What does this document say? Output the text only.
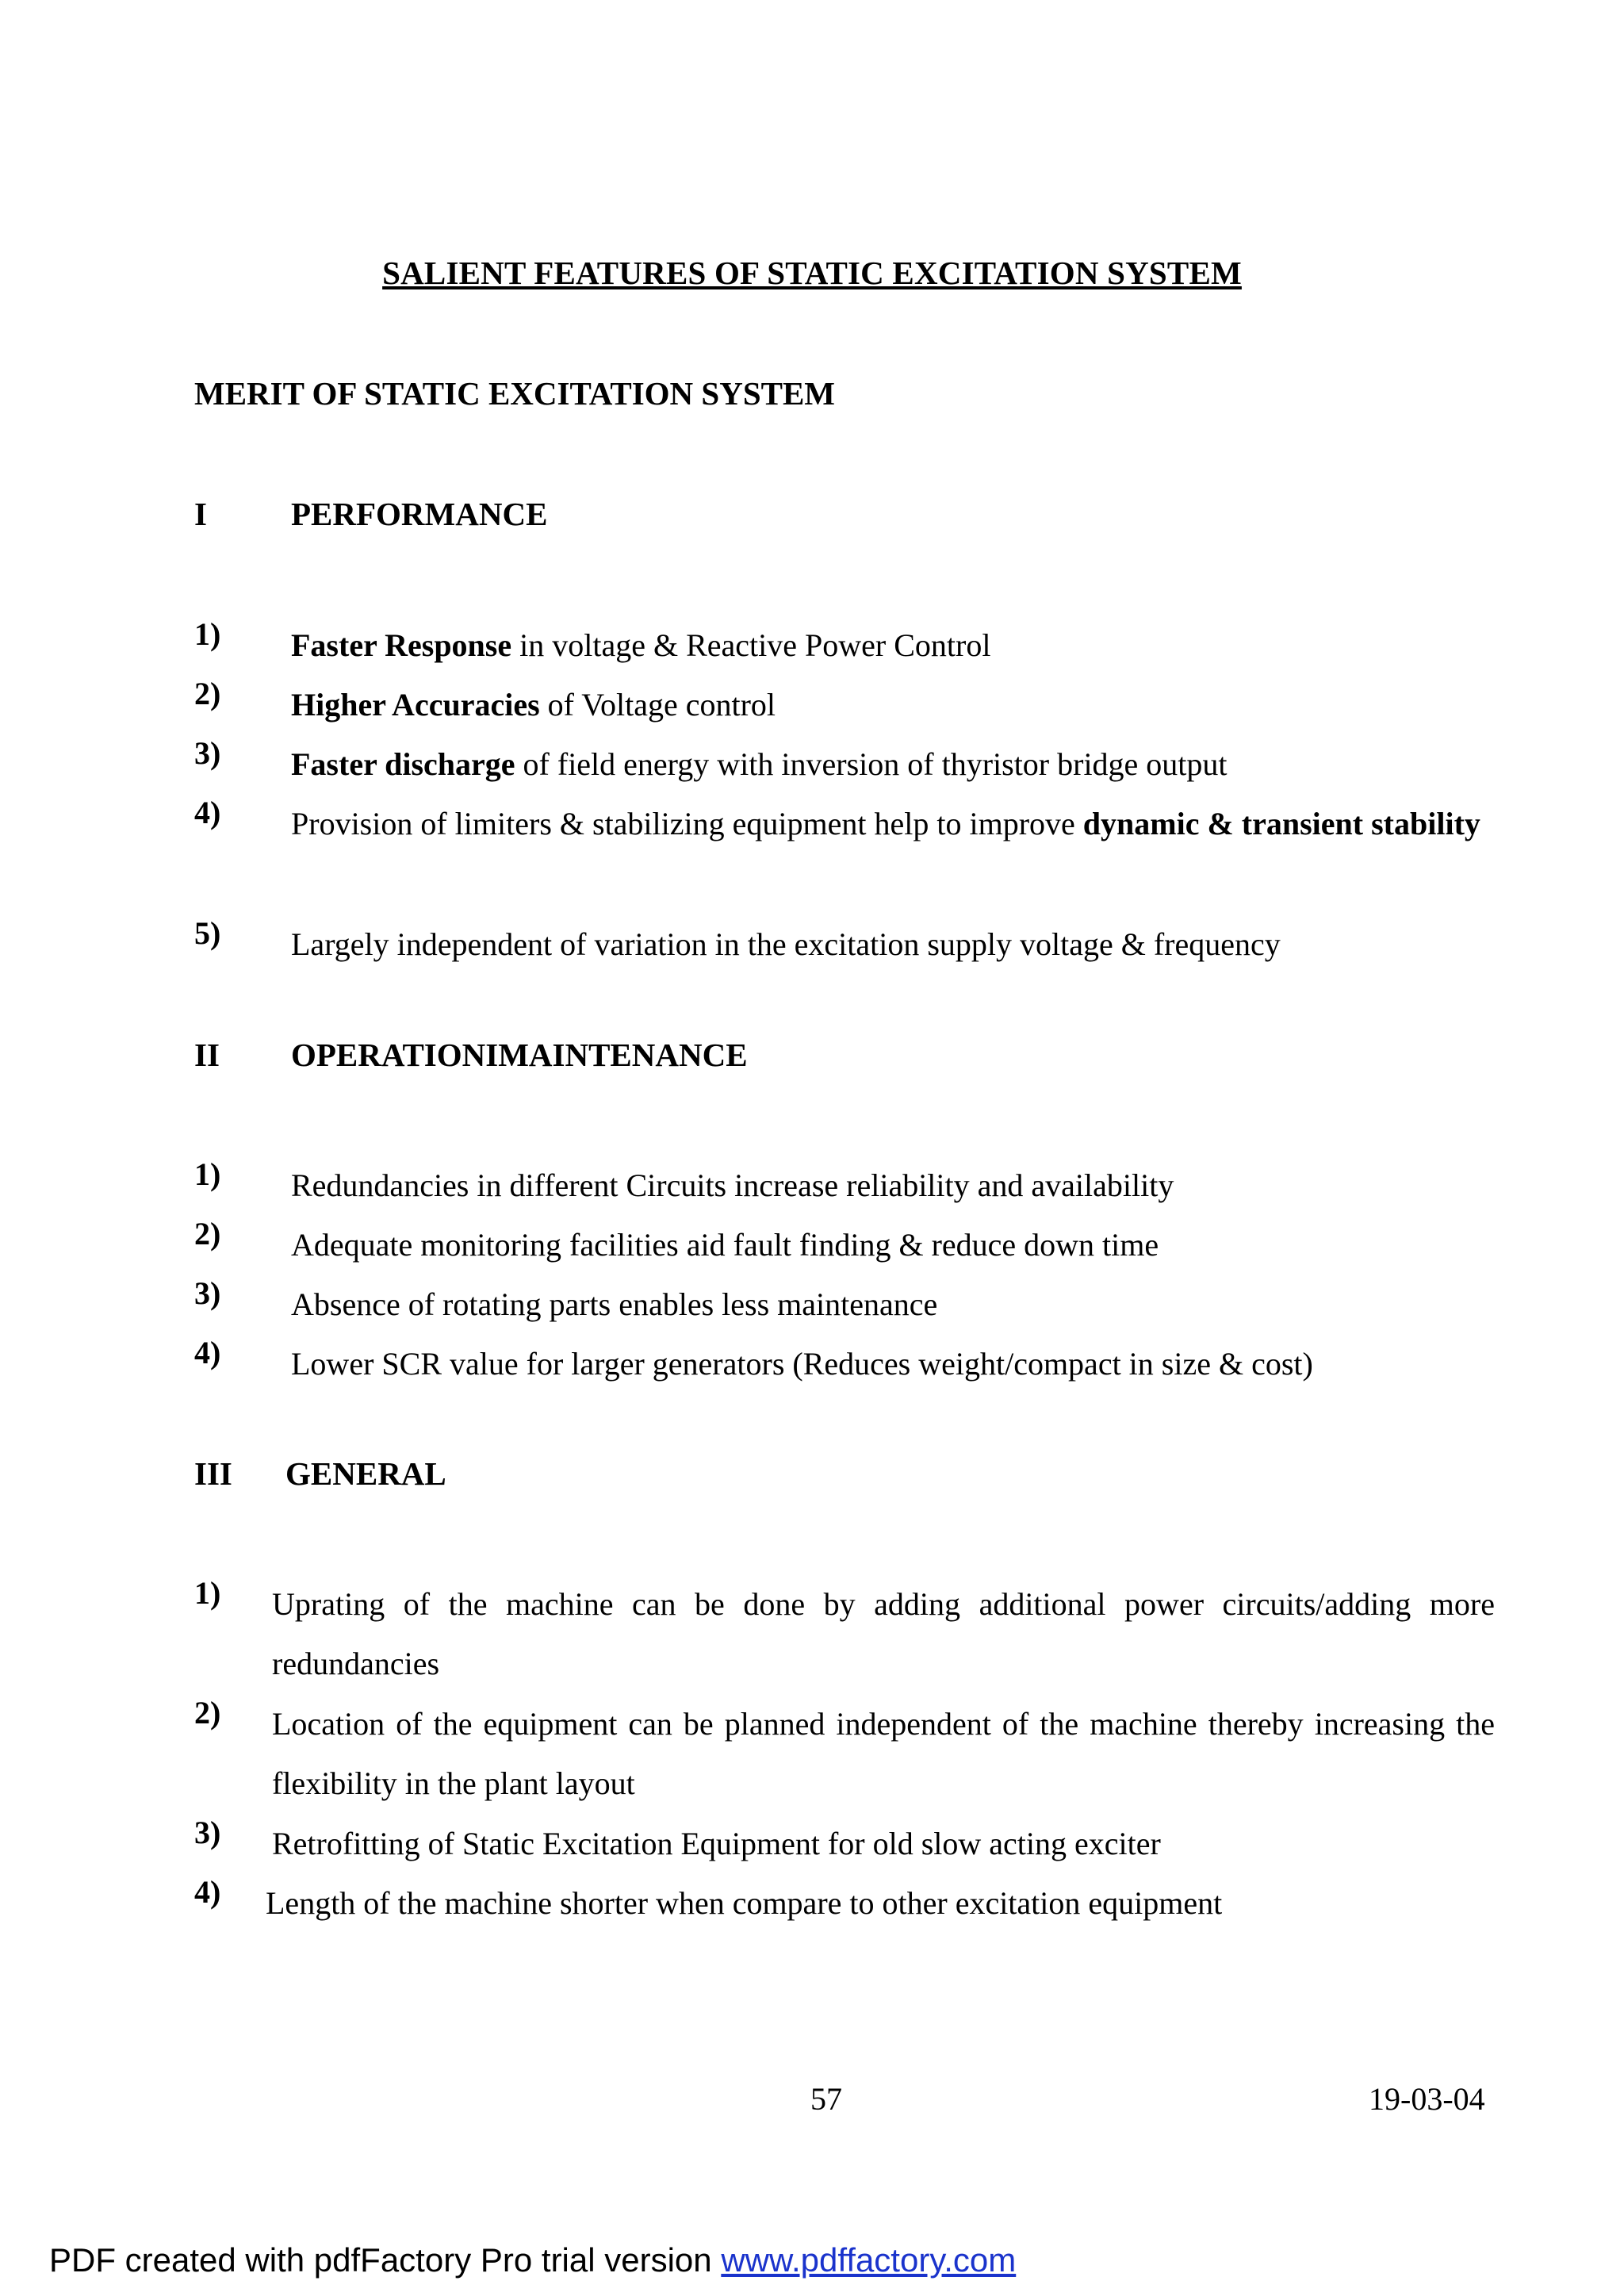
SALIENT FEATURES OF STATIC EXCITATION SYSTEM
MERIT OF STATIC EXCITATION SYSTEM
I	PERFORMANCE
1) Faster Response in voltage & Reactive Power Control
2) Higher Accuracies of Voltage control
3) Faster discharge of field energy with inversion of thyristor bridge output
4) Provision of limiters & stabilizing equipment help to improve dynamic & transient stability
5) Largely independent of variation in the excitation supply voltage & frequency
II OPERATIONIMAINTENANCE
1) Redundancies in different Circuits increase reliability and availability
2) Adequate monitoring facilities aid fault finding & reduce down time
3) Absence of rotating parts enables less maintenance
4) Lower SCR value for larger generators (Reduces weight/compact in size & cost)
III GENERAL
1) Uprating of the machine can be done by adding additional power circuits/adding more redundancies
2) Location of the equipment can be planned independent of the machine thereby increasing the flexibility in the plant layout
3) Retrofitting of Static Excitation Equipment for old slow acting exciter
4) Length of the machine shorter when compare to other excitation equipment
57	19-03-04
PDF created with pdfFactory Pro trial version www.pdffactory.com
